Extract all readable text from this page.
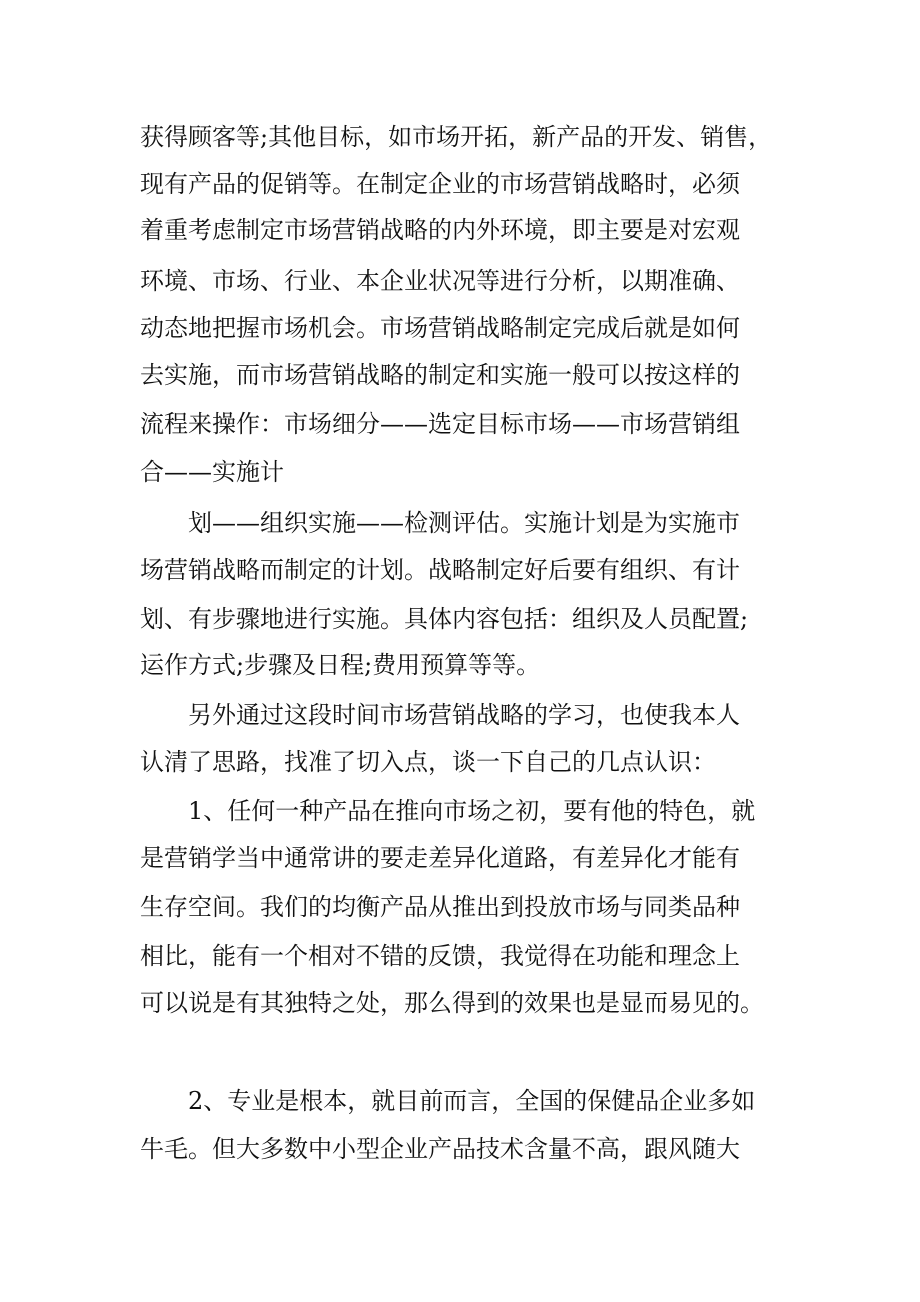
获得顾客等;其他目标，如市场开拓，新产品的开发、销售，
现有产品的促销等。在制定企业的市场营销战略时，必须
着重考虑制定市场营销战略的内外环境，即主要是对宏观
环境、市场、行业、本企业状况等进行分析，以期准确、
动态地把握市场机会。市场营销战略制定完成后就是如何
去实施，而市场营销战略的制定和实施一般可以按这样的
流程来操作：市场细分——选定目标市场——市场营销组
合——实施计
划——组织实施——检测评估。实施计划是为实施市
场营销战略而制定的计划。战略制定好后要有组织、有计
划、有步骤地进行实施。具体内容包括：组织及人员配置;
运作方式;步骤及日程;费用预算等等。
另外通过这段时间市场营销战略的学习，也使我本人
认清了思路，找准了切入点，谈一下自己的几点认识：
1、任何一种产品在推向市场之初，要有他的特色，就
是营销学当中通常讲的要走差异化道路，有差异化才能有
生存空间。我们的均衡产品从推出到投放市场与同类品种
相比，能有一个相对不错的反馈，我觉得在功能和理念上
可以说是有其独特之处，那么得到的效果也是显而易见的。
2、专业是根本，就目前而言，全国的保健品企业多如
牛毛。但大多数中小型企业产品技术含量不高，跟风随大
